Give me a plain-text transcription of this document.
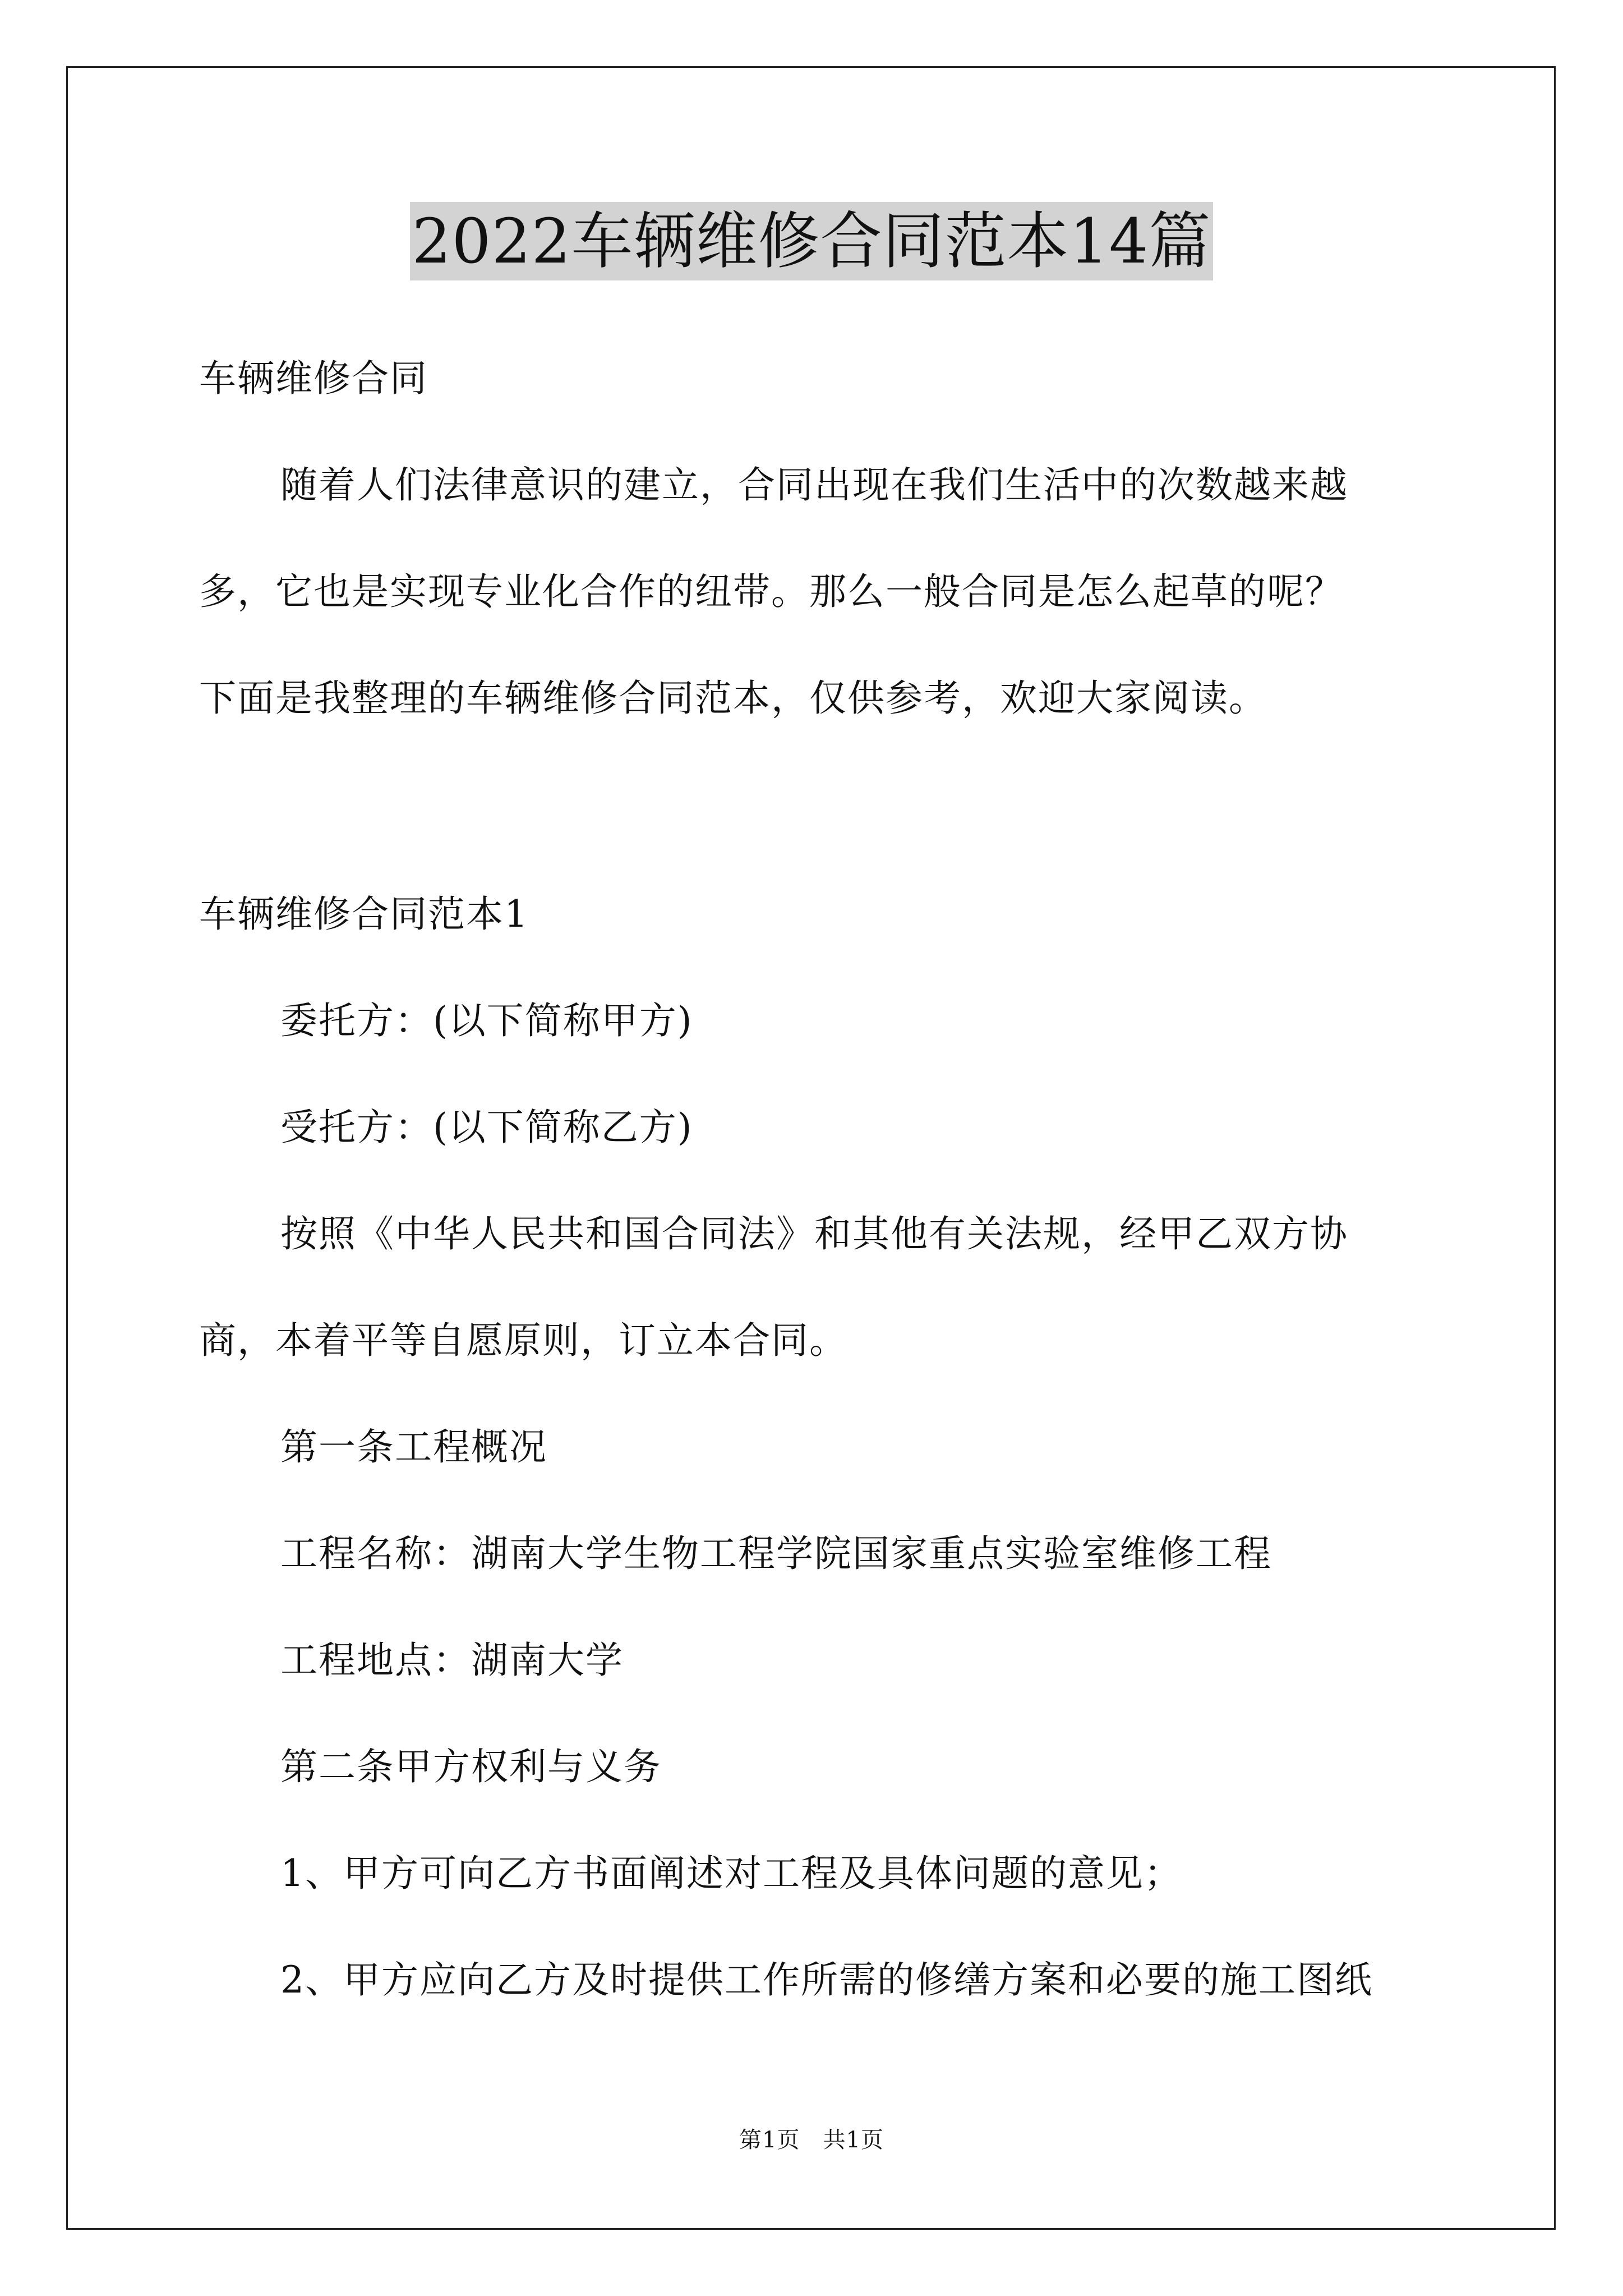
2022车辆维修合同范本14篇
车辆维修合同
随着人们法律意识的建立，合同出现在我们生活中的次数越来越
多，它也是实现专业化合作的纽带。那么一般合同是怎么起草的呢？
下面是我整理的车辆维修合同范本，仅供参考，欢迎大家阅读。
车辆维修合同范本1
委托方：(以下简称甲方)
受托方：(以下简称乙方)
按照《中华人民共和国合同法》和其他有关法规，经甲乙双方协
商，本着平等自愿原则，订立本合同。
第一条工程概况
工程名称：湖南大学生物工程学院国家重点实验室维修工程
工程地点：湖南大学
第二条甲方权利与义务
1、甲方可向乙方书面阐述对工程及具体问题的意见；
2、甲方应向乙方及时提供工作所需的修缮方案和必要的施工图纸
第1页　共1页
